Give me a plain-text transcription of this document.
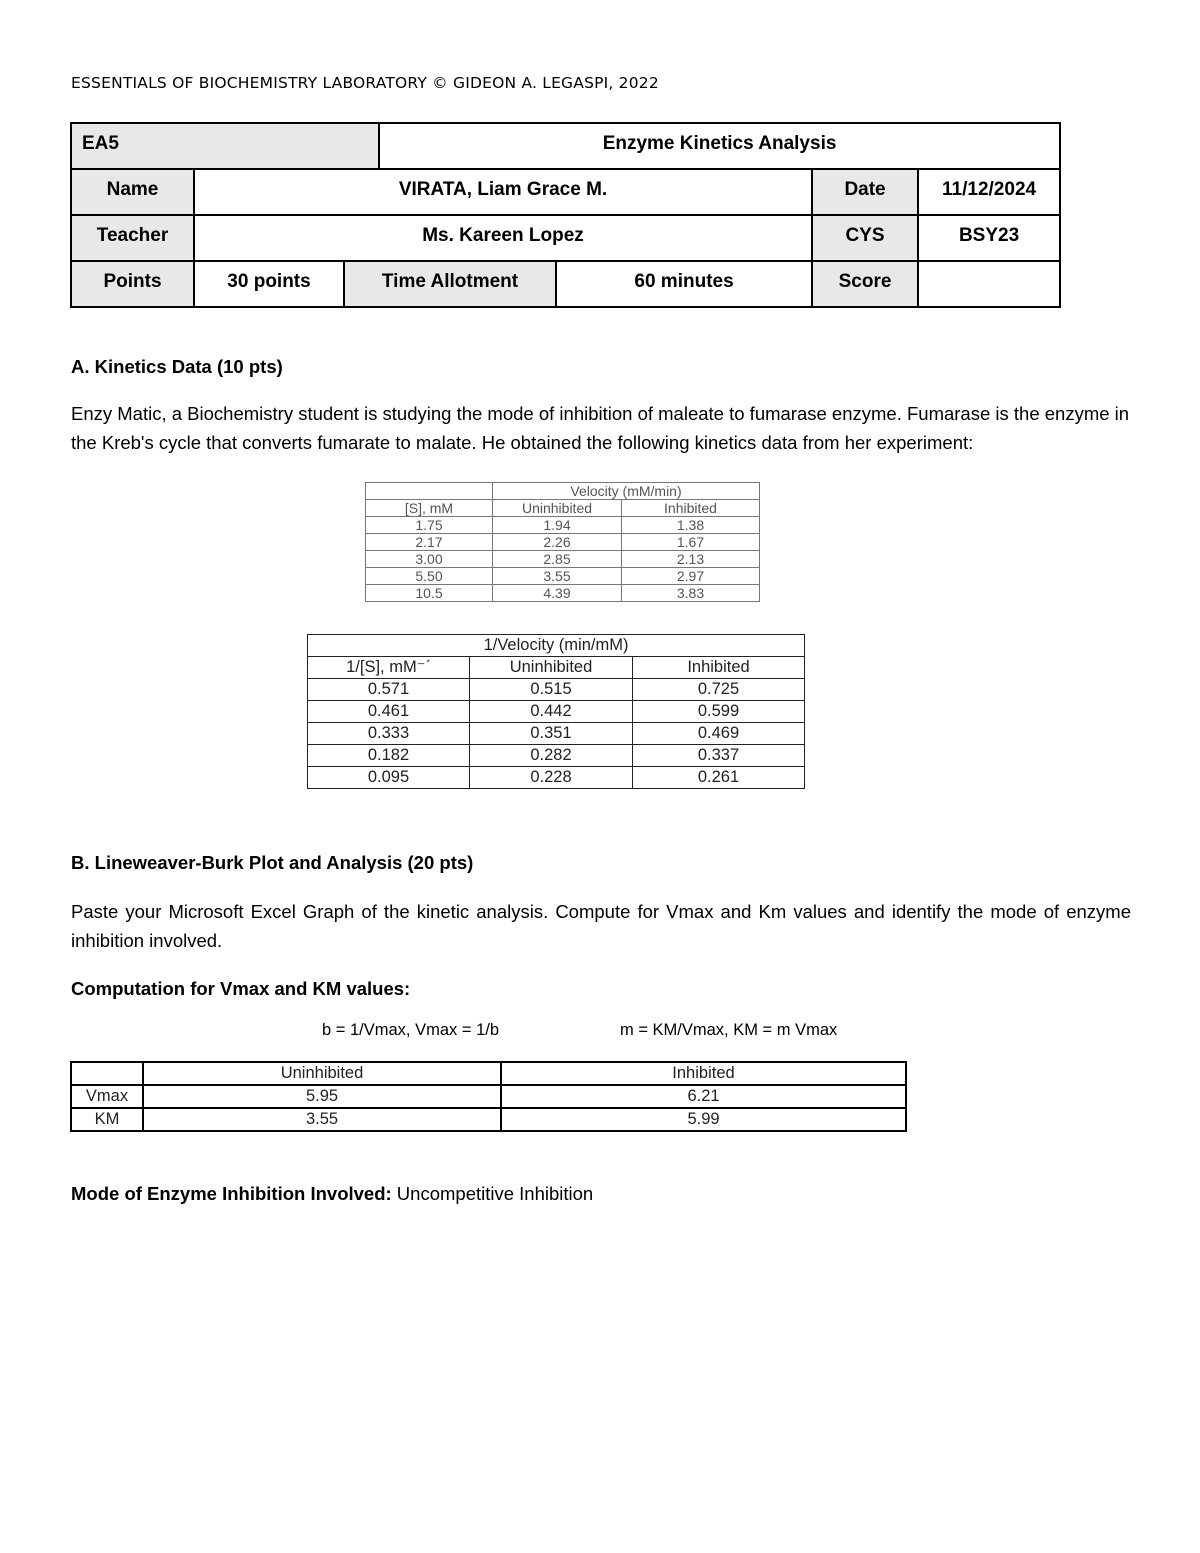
ESSENTIALS OF BIOCHEMISTRY LABORATORY © GIDEON A. LEGASPI, 2022
EA5			Enzyme Kinetics Analysis			
Name	VIRATA, Liam Grace M.				Date	11/12/2024
Teacher	Ms. Kareen Lopez				CYS	BSY23
Points	30 points	Time Allotment		60 minutes	Score	
A. Kinetics Data (10 pts)
Enzy Matic, a Biochemistry student is studying the mode of inhibition of maleate to fumarase enzyme. Fumarase is the enzyme in the Kreb's cycle that converts fumarate to malate. He obtained the following kinetics data from her experiment:
	Velocity (mM/min)	
[S], mM	Uninhibited	Inhibited
1.75	1.94	1.38
2.17	2.26	1.67
3.00	2.85	2.13
5.50	3.55	2.97
10.5	4.39	3.83
1/Velocity (min/mM)		
1/[S], mM⁻ˊ	Uninhibited	Inhibited
0.571	0.515	0.725
0.461	0.442	0.599
0.333	0.351	0.469
0.182	0.282	0.337
0.095	0.228	0.261
B. Lineweaver-Burk Plot and Analysis (20 pts)
Paste your Microsoft Excel Graph of the kinetic analysis. Compute for Vmax and Km values and identify the mode of enzyme inhibition involved.
Computation for Vmax and KM values:
b = 1/Vmax, Vmax = 1/b	m = KM/Vmax, KM = m Vmax
	Uninhibited	Inhibited
Vmax	5.95	6.21
KM	3.55	5.99
Mode of Enzyme Inhibition Involved: Uncompetitive Inhibition
